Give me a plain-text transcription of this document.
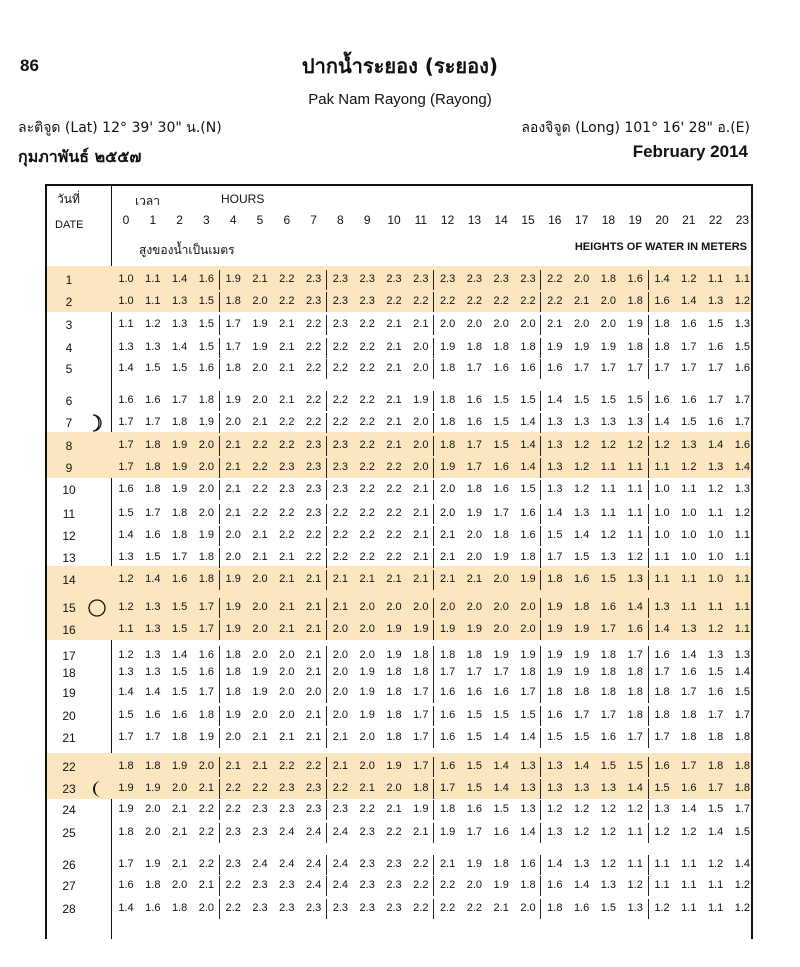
86	ปากน้ำระยอง (ระยอง)
Pak Nam Rayong (Rayong)
ละติจูด (Lat) 12° 39' 30" น.(N)	ลองจิจูด (Long) 101° 16' 28" อ.(E)
กุมภาพันธ์ ๒๕๕๗	February 2014
วันที่
DATE
เวลา	HOURS
0	1	2	3	4	5	6	7	8	9	10	11	12 13 14 15 16 17 18 19 20 21 22 23
สูงของน้ำเป็นเมตร	HEIGHTS OF WATER IN METERS
1	1.0	1.1	1.4	1.6	1.9	2.1	2.2	2.3	2.3	2.3	2.3	2.3	2.3	2.3	2.3	2.3	2.2	2.0	1.8	1.6	1.4	1.2	1.1	1.1
2	1.0	1.1	1.3	1.5	1.8	2.0	2.2	2.3	2.3	2.3	2.2	2.2	2.2	2.2	2.2	2.2	2.2	2.1	2.0	1.8	1.6	1.4	1.3	1.2
3	1.1	1.2	1.3	1.5	1.7	1.9	2.1	2.2	2.3	2.2	2.1	2.1	2.0	2.0	2.0	2.0	2.1	2.0	2.0	1.9	1.8	1.6	1.5	1.3
4	1.3	1.3	1.4	1.5	1.7	1.9	2.1	2.2	2.2	2.2	2.1	2.0	1.9	1.8	1.8	1.8	1.9	1.9	1.9	1.8	1.8	1.7	1.6	1.5
5	1.4	1.5	1.5	1.6	1.8	2.0	2.1	2.2	2.2	2.2	2.1	2.0	1.8	1.7	1.6	1.6	1.6	1.7	1.7	1.7	1.7	1.7	1.7	1.6
6	1.6	1.6	1.7	1.8	1.9	2.0	2.1	2.2	2.2	2.2	2.1	1.9	1.8	1.6	1.5	1.5	1.4	1.5	1.5	1.5	1.6	1.6	1.7	1.7
7	1.7	1.7	1.8	1.9	2.0	2.1	2.2	2.2	2.2	2.2	2.1	2.0	1.8	1.6	1.5	1.4	1.3	1.3	1.3	1.3	1.4	1.5	1.6	1.7
8	1.7	1.8	1.9	2.0	2.1	2.2	2.2	2.3	2.3	2.2	2.1	2.0	1.8	1.7	1.5	1.4	1.3	1.2	1.2	1.2	1.2	1.3	1.4	1.6
9	1.7	1.8	1.9	2.0	2.1	2.2	2.3	2.3	2.3	2.2	2.2	2.0	1.9	1.7	1.6	1.4	1.3	1.2	1.1	1.1	1.1	1.2	1.3	1.4
10	1.6	1.8	1.9	2.0	2.1	2.2	2.3	2.3	2.3	2.2	2.2	2.1	2.0	1.8	1.6	1.5	1.3	1.2	1.1	1.1	1.0	1.1	1.2	1.3
11	1.5	1.7	1.8	2.0	2.1	2.2	2.2	2.3	2.2	2.2	2.2	2.1	2.0	1.9	1.7	1.6	1.4	1.3	1.1	1.1	1.0	1.0	1.1	1.2
12	1.4	1.6	1.8	1.9	2.0	2.1	2.2	2.2	2.2	2.2	2.2	2.1	2.1	2.0	1.8	1.6	1.5	1.4	1.2	1.1	1.0	1.0	1.0	1.1
13	1.3	1.5	1.7	1.8	2.0	2.1	2.1	2.2	2.2	2.2	2.2	2.1	2.1	2.0	1.9	1.8	1.7	1.5	1.3	1.2	1.1	1.0	1.0	1.1
14	1.2	1.4	1.6	1.8	1.9	2.0	2.1	2.1	2.1	2.1	2.1	2.1	2.1	2.1	2.0	1.9	1.8	1.6	1.5	1.3	1.1	1.1	1.0	1.1
15	1.2	1.3	1.5	1.7	1.9	2.0	2.1	2.1	2.1	2.0	2.0	2.0	2.0	2.0	2.0	2.0	1.9	1.8	1.6	1.4	1.3	1.1	1.1	1.1
16	1.1	1.3	1.5	1.7	1.9	2.0	2.1	2.1	2.0	2.0	1.9	1.9	1.9	1.9	2.0	2.0	1.9	1.9	1.7	1.6	1.4	1.3	1.2	1.1
17	1.2	1.3	1.4	1.6	1.8	2.0	2.0	2.1	2.0	2.0	1.9	1.8	1.8	1.8	1.9	1.9	1.9	1.9	1.8	1.7	1.6	1.4	1.3	1.3
18	1.3	1.3	1.5	1.6	1.8	1.9	2.0	2.1	2.0	1.9	1.8	1.8	1.7	1.7	1.7	1.8	1.9	1.9	1.8	1.8	1.7	1.6	1.5	1.4
19	1.4	1.4	1.5	1.7	1.8	1.9	2.0	2.0	2.0	1.9	1.8	1.7	1.6	1.6	1.6	1.7	1.8	1.8	1.8	1.8	1.8	1.7	1.6	1.5
20	1.5	1.6	1.6	1.8	1.9	2.0	2.0	2.1	2.0	1.9	1.8	1.7	1.6	1.5	1.5	1.5	1.6	1.7	1.7	1.8	1.8	1.8	1.7	1.7
21	1.7	1.7	1.8	1.9	2.0	2.1	2.1	2.1	2.1	2.0	1.8	1.7	1.6	1.5	1.4	1.4	1.5	1.5	1.6	1.7	1.7	1.8	1.8	1.8
22	1.8	1.8	1.9	2.0	2.1	2.1	2.2	2.2	2.1	2.0	1.9	1.7	1.6	1.5	1.4	1.3	1.3	1.4	1.5	1.5	1.6	1.7	1.8	1.8
23	1.9	1.9	2.0	2.1	2.2	2.2	2.3	2.3	2.2	2.1	2.0	1.8	1.7	1.5	1.4	1.3	1.3	1.3	1.3	1.4	1.5	1.6	1.7	1.8
24	1.9	2.0	2.1	2.2	2.2	2.3	2.3	2.3	2.3	2.2	2.1	1.9	1.8	1.6	1.5	1.3	1.2	1.2	1.2	1.2	1.3	1.4	1.5	1.7
25	1.8	2.0	2.1	2.2	2.3	2.3	2.4	2.4	2.4	2.3	2.2	2.1	1.9	1.7	1.6	1.4	1.3	1.2	1.2	1.1	1.2	1.2	1.4	1.5
26	1.7	1.9	2.1	2.2	2.3	2.4	2.4	2.4	2.4	2.3	2.3	2.2	2.1	1.9	1.8	1.6	1.4	1.3	1.2	1.1	1.1	1.1	1.2	1.4
27	1.6	1.8	2.0	2.1	2.2	2.3	2.3	2.4	2.4	2.3	2.3	2.2	2.2	2.0	1.9	1.8	1.6	1.4	1.3	1.2	1.1	1.1	1.1	1.2
28	1.4	1.6	1.8	2.0	2.2	2.3	2.3	2.3	2.3	2.3	2.3	2.2	2.2	2.2	2.1	2.0	1.8	1.6	1.5	1.3	1.2	1.1	1.1	1.2
